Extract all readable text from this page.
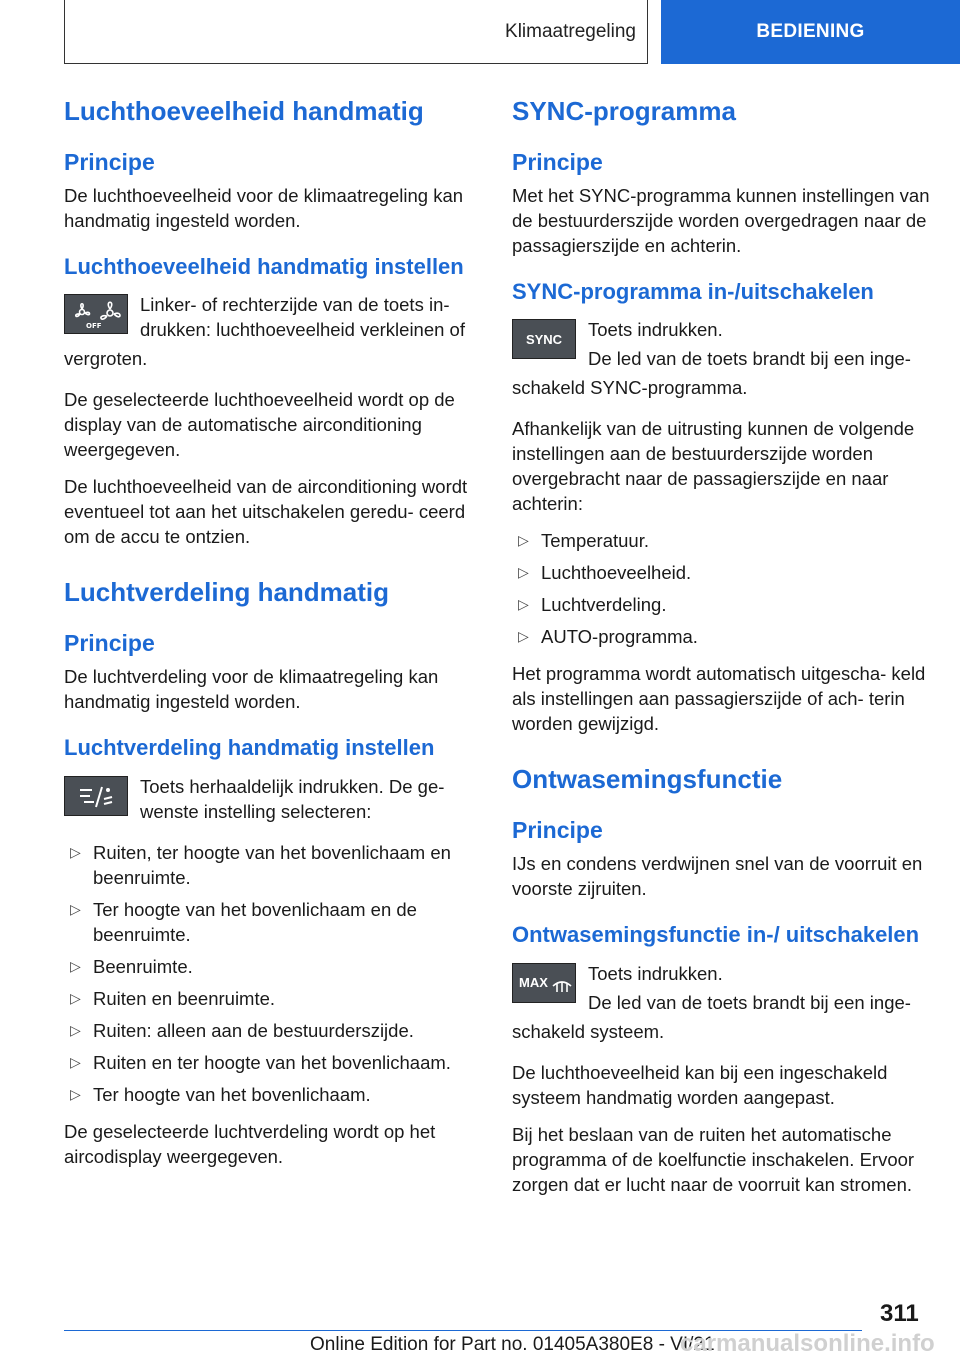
Klimaatregeling	BEDIENING
Luchthoeveelheid handmatig
Principe

De luchthoeveelheid voor de klimaatregeling kan handmatig ingesteld worden.

Luchthoeveelheid handmatig instellen
OFF

Linker- of rechterzijde van de toets in- drukken: luchthoeveelheid verkleinen of

vergroten.

De geselecteerde luchthoeveelheid wordt op de display van de automatische airconditioning weergegeven.

De luchthoeveelheid van de airconditioning wordt eventueel tot aan het uitschakelen geredu- ceerd om de accu te ontzien.

Luchtverdeling handmatig
Principe

De luchtverdeling voor de klimaatregeling kan handmatig ingesteld worden.

Luchtverdeling handmatig instellen

Toets herhaaldelijk indrukken. De ge- wenste instelling selecteren:

▷ Ruiten, ter hoogte van het bovenlichaam en beenruimte.
▷ Ter hoogte van het bovenlichaam en de beenruimte.
▷ Beenruimte.
▷ Ruiten en beenruimte.
▷ Ruiten: alleen aan de bestuurderszijde.
▷ Ruiten en ter hoogte van het bovenlichaam.
▷ Ter hoogte van het bovenlichaam.

De geselecteerde luchtverdeling wordt op het aircodisplay weergegeven.

SYNC-programma
Principe

Met het SYNC-programma kunnen instellingen van de bestuurderszijde worden overgedragen naar de passagierszijde en achterin.

SYNC-programma in-/uitschakelen
SYNC	Toets indrukken.

De led van de toets brandt bij een inge-

schakeld SYNC-programma.

Afhankelijk van de uitrusting kunnen de volgende instellingen aan de bestuurderszijde worden overgebracht naar de passagierszijde en naar achterin:

▷ Temperatuur.
▷ Luchthoeveelheid.
▷ Luchtverdeling.
▷ AUTO-programma.

Het programma wordt automatisch uitgescha- keld als instellingen aan passagierszijde of ach- terin worden gewijzigd.

Ontwasemingsfunctie
Principe

IJs en condens verdwijnen snel van de voorruit en voorste zijruiten.

Ontwasemingsfunctie in-/ uitschakelen
MAX Toets indrukken.

De led van de toets brandt bij een inge-

schakeld systeem.

De luchthoeveelheid kan bij een ingeschakeld systeem handmatig worden aangepast.

Bij het beslaan van de ruiten het automatische programma of de koelfunctie inschakelen. Ervoor zorgen dat er lucht naar de voorruit kan stromen.

311
Online Edition for Part no. 01405A380E8 - VI/21
carmanualsonline.info
